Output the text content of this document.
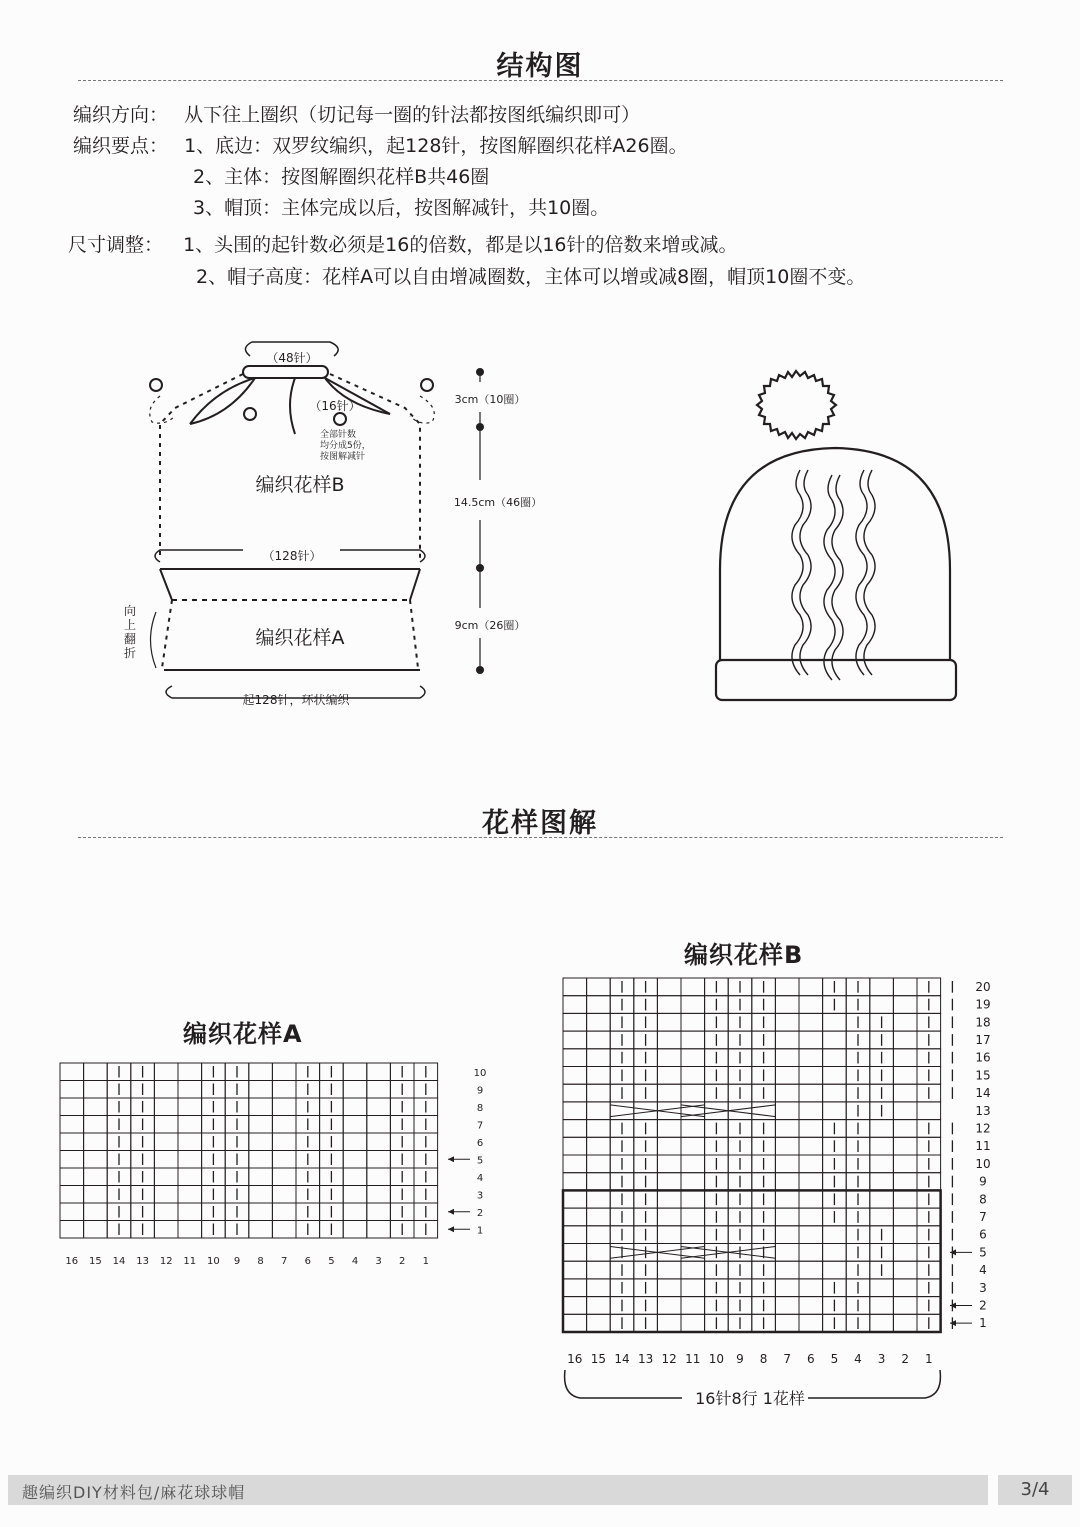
结构图
编织方向： 从下往上圈织（切记每一圈的针法都按图纸编织即可）
编织要点： 1、底边：双罗纹编织，起128针，按图解圈织花样A26圈。
2、主体：按图解圈织花样B共46圈
3、帽顶：主体完成以后，按图解减针，共10圈。
尺寸调整： 1、头围的起针数必须是16的倍数，都是以16针的倍数来增或减。
2、帽子高度：花样A可以自由增减圈数，主体可以增或减8圈，帽顶10圈不变。
（48针）
（16针）
全部针数
均分成5份，
按图解减针
编织花样B
（128针）
编织花样A
向
上
翻
折
起128针，环状编织
3cm（10圈）
14.5cm（46圈）
9cm（26圈）
花样图解
编织花样A
10
9
8
7
6
5
4
3
2
1
16 15 14 13 12 11 10 9 8 7 6 5 4 3 2 1
编织花样B
20
19
18
17
16
15
14
13
12
11
10
9
8
7
6
5
4
3
2
1
16 15 14 13 12 11 10 9 8 7 6 5 4 3 2 1
16针8行 1花样
趣编织DIY材料包/麻花球球帽	3/4
